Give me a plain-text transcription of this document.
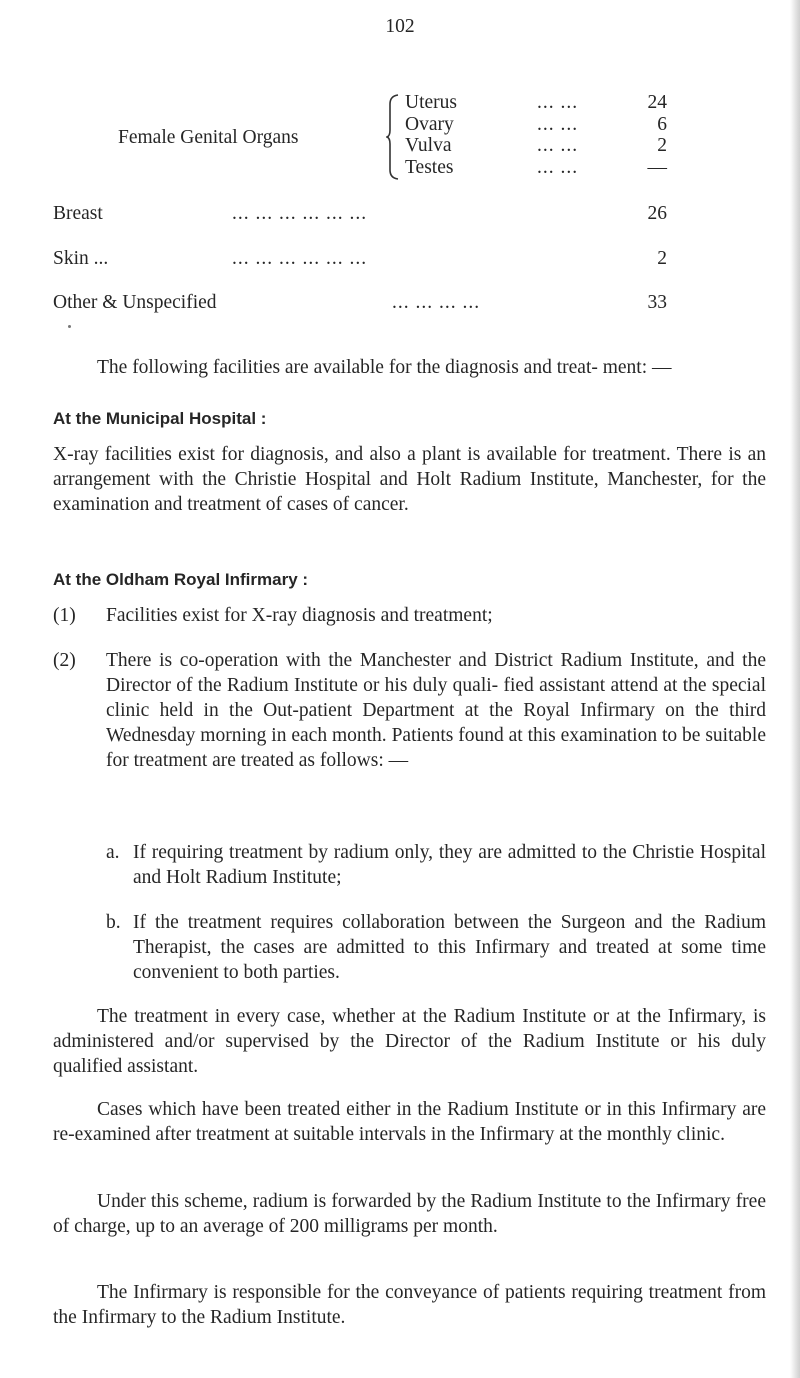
102
Female Genital Organs
Uterus	... ...	24
Ovary	... ...	6
Vulva	... ...	2
Testes	... ...	—
Breast	... ... ... ... ... ...	26
Skin ...	... ... ... ... ... ...	2
Other & Unspecified	... ... ... ...	33
The following facilities are available for the diagnosis and treat- ment: —
At the Municipal Hospital :
X-ray facilities exist for diagnosis, and also a plant is available for treatment. There is an arrangement with the Christie Hospital and Holt Radium Institute, Manchester, for the examination and treatment of cases of cancer.
At the Oldham Royal Infirmary :
(1) Facilities exist for X-ray diagnosis and treatment;
(2) There is co-operation with the Manchester and District Radium Institute, and the Director of the Radium Institute or his duly quali- fied assistant attend at the special clinic held in the Out-patient Department at the Royal Infirmary on the third Wednesday morning in each month. Patients found at this examination to be suitable for treatment are treated as follows: —
a. If requiring treatment by radium only, they are admitted to the Christie Hospital and Holt Radium Institute;
b. If the treatment requires collaboration between the Surgeon and the Radium Therapist, the cases are admitted to this Infirmary and treated at some time convenient to both parties.
The treatment in every case, whether at the Radium Institute or at the Infirmary, is administered and/or supervised by the Director of the Radium Institute or his duly qualified assistant.
Cases which have been treated either in the Radium Institute or in this Infirmary are re-examined after treatment at suitable intervals in the Infirmary at the monthly clinic.
Under this scheme, radium is forwarded by the Radium Institute to the Infirmary free of charge, up to an average of 200 milligrams per month.
The Infirmary is responsible for the conveyance of patients requiring treatment from the Infirmary to the Radium Institute.
